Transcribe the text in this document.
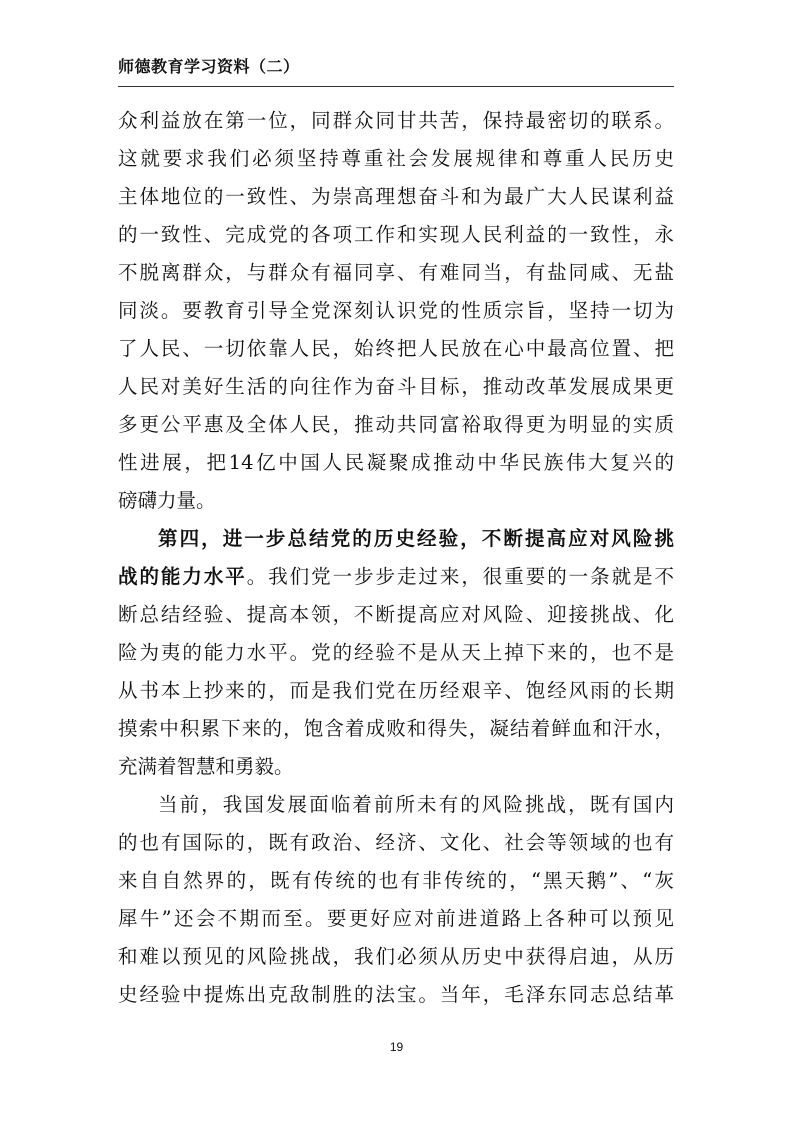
师德教育学习资料（二）
众利益放在第一位，同群众同甘共苦，保持最密切的联系。
这就要求我们必须坚持尊重社会发展规律和尊重人民历史
主体地位的一致性、为崇高理想奋斗和为最广大人民谋利益
的一致性、完成党的各项工作和实现人民利益的一致性，永
不脱离群众，与群众有福同享、有难同当，有盐同咸、无盐
同淡。要教育引导全党深刻认识党的性质宗旨，坚持一切为
了人民、一切依靠人民，始终把人民放在心中最高位置、把
人民对美好生活的向往作为奋斗目标，推动改革发展成果更
多更公平惠及全体人民，推动共同富裕取得更为明显的实质
性进展，把14亿中国人民凝聚成推动中华民族伟大复兴的
磅礴力量。
第四，进一步总结党的历史经验，不断提高应对风险挑
战的能力水平。我们党一步步走过来，很重要的一条就是不
断总结经验、提高本领，不断提高应对风险、迎接挑战、化
险为夷的能力水平。党的经验不是从天上掉下来的，也不是
从书本上抄来的，而是我们党在历经艰辛、饱经风雨的长期
摸索中积累下来的，饱含着成败和得失，凝结着鲜血和汗水，
充满着智慧和勇毅。
当前，我国发展面临着前所未有的风险挑战，既有国内
的也有国际的，既有政治、经济、文化、社会等领域的也有
来自自然界的，既有传统的也有非传统的，“黑天鹅”、“灰
犀牛”还会不期而至。要更好应对前进道路上各种可以预见
和难以预见的风险挑战，我们必须从历史中获得启迪，从历
史经验中提炼出克敌制胜的法宝。当年，毛泽东同志总结革
19
